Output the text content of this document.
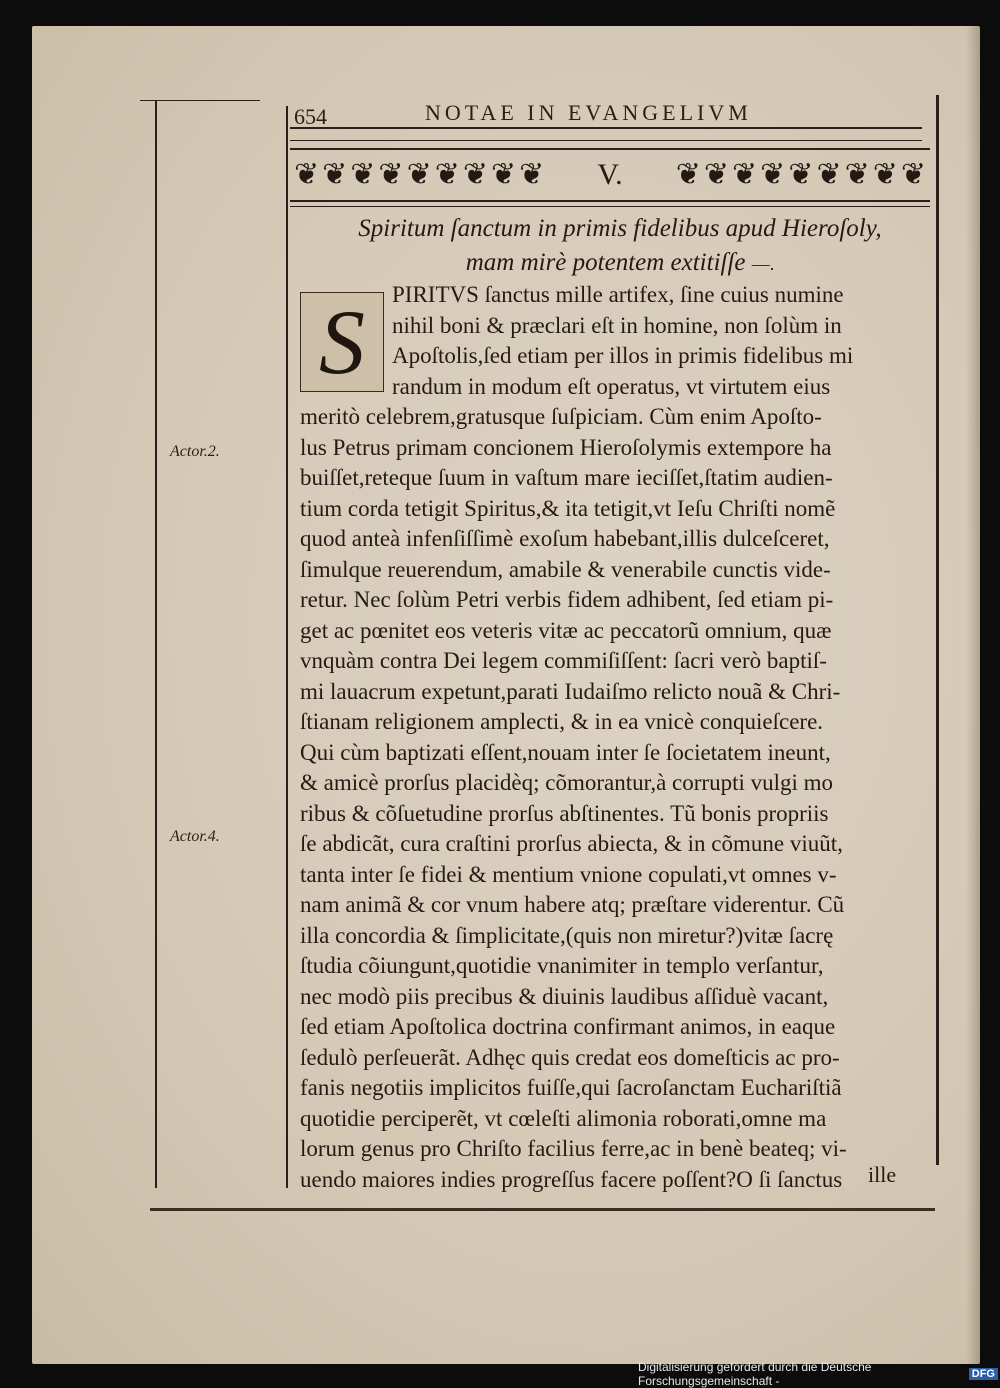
654	NOTAE IN EVANGELIVM
❦ ❦ ❦ ❦ ❦ ❦ ❦ ❦ ❦ V. ❦ ❦ ❦ ❦ ❦ ❦ ❦ ❦ ❦
Spiritum ſanctum in primis fidelibus apud Hieroſoly,
mam mirè potentem extitiſſe —.
S	PIRITVS ſanctus mille artifex, ſine cuius numine
nihil boni & præclari eſt in homine, non ſolùm in
Apoſtolis,ſed etiam per illos in primis fidelibus mi
randum in modum eſt operatus, vt virtutem eius
meritò celebrem,gratusque ſuſpiciam. Cùm enim Apoſto-
lus Petrus primam concionem Hieroſolymis extempore ha
buiſſet,reteque ſuum in vaſtum mare ieciſſet,ſtatim audien-
tium corda tetigit Spiritus,& ita tetigit,vt Ieſu Chriſti nomẽ
quod anteà infenſiſſimè exoſum habebant,illis dulceſceret,
ſimulque reuerendum, amabile & venerabile cunctis vide-
retur. Nec ſolùm Petri verbis fidem adhibent, ſed etiam pi-
get ac pœnitet eos veteris vitæ ac peccatorũ omnium, quæ
vnquàm contra Dei legem commiſiſſent: ſacri verò baptiſ-
mi lauacrum expetunt,parati Iudaiſmo relicto nouã & Chri-
ſtianam religionem amplecti, & in ea vnicè conquieſcere.
Qui cùm baptizati eſſent,nouam inter ſe ſocietatem ineunt,
& amicè prorſus placidèq; cõmorantur,à corrupti vulgi mo
ribus & cõſuetudine prorſus abſtinentes. Tũ bonis propriis
ſe abdicãt, cura craſtini prorſus abiecta, & in cõmune viuũt,
tanta inter ſe fidei & mentium vnione copulati,vt omnes v-
nam animã & cor vnum habere atq; præſtare viderentur. Cũ
illa concordia & ſimplicitate,(quis non miretur?)vitæ ſacrę
ſtudia cõiungunt,quotidie vnanimiter in templo verſantur,
nec modò piis precibus & diuinis laudibus aſſiduè vacant,
ſed etiam Apoſtolica doctrina confirmant animos, in eaque
ſedulò perſeuerãt. Adhęc quis credat eos domeſticis ac pro-
fanis negotiis implicitos fuiſſe,qui ſacroſanctam Euchariſtiã
quotidie perciperẽt, vt cœleſti alimonia roborati,omne ma
lorum genus pro Chriſto facilius ferre,ac in benè beateq; vi-
uendo maiores indies progreſſus facere poſſent?O ſi ſanctus
Actor.2.
Actor.4.
ille
Digitalisierung gefördert durch die Deutsche Forschungsgemeinschaft -	DFG
